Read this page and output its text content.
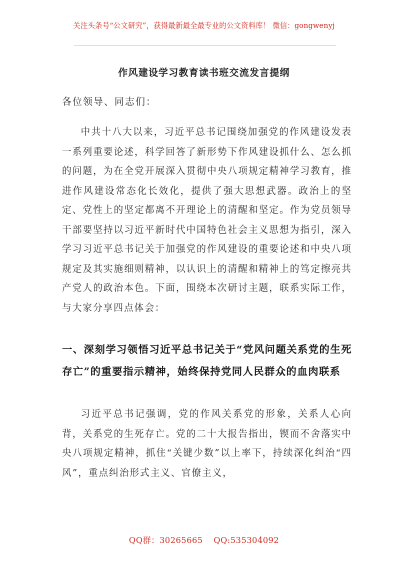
关注头条号“公文研究”，获得最新最全最专业的公文资料库！ 微信：gongwenyj
作风建设学习教育读书班交流发言提纲
各位领导、同志们：
中共十八大以来，习近平总书记围绕加强党的作风建设发表一系列重要论述，科学回答了新形势下作风建设抓什么、怎么抓的问题，为在全党开展深入贯彻中央八项规定精神学习教育，推进作风建设常态化长效化，提供了强大思想武器。政治上的坚定、党性上的坚定都离不开理论上的清醒和坚定。作为党员领导干部要坚持以习近平新时代中国特色社会主义思想为指引，深入学习习近平总书记关于加强党的作风建设的重要论述和中央八项规定及其实施细则精神，以认识上的清醒和精神上的笃定擦亮共产党人的政治本色。下面，围绕本次研讨主题，联系实际工作，与大家分享四点体会：
一、深刻学习领悟习近平总书记关于“党风问题关系党的生死存亡”的重要指示精神，始终保持党同人民群众的血肉联系
习近平总书记强调，党的作风关系党的形象，关系人心向背，关系党的生死存亡。党的二十大报告指出，锲而不舍落实中央八项规定精神，抓住“关键少数”以上率下，持续深化纠治“四风”，重点纠治形式主义、官僚主义，
QQ群：30265665 QQ:535304092
